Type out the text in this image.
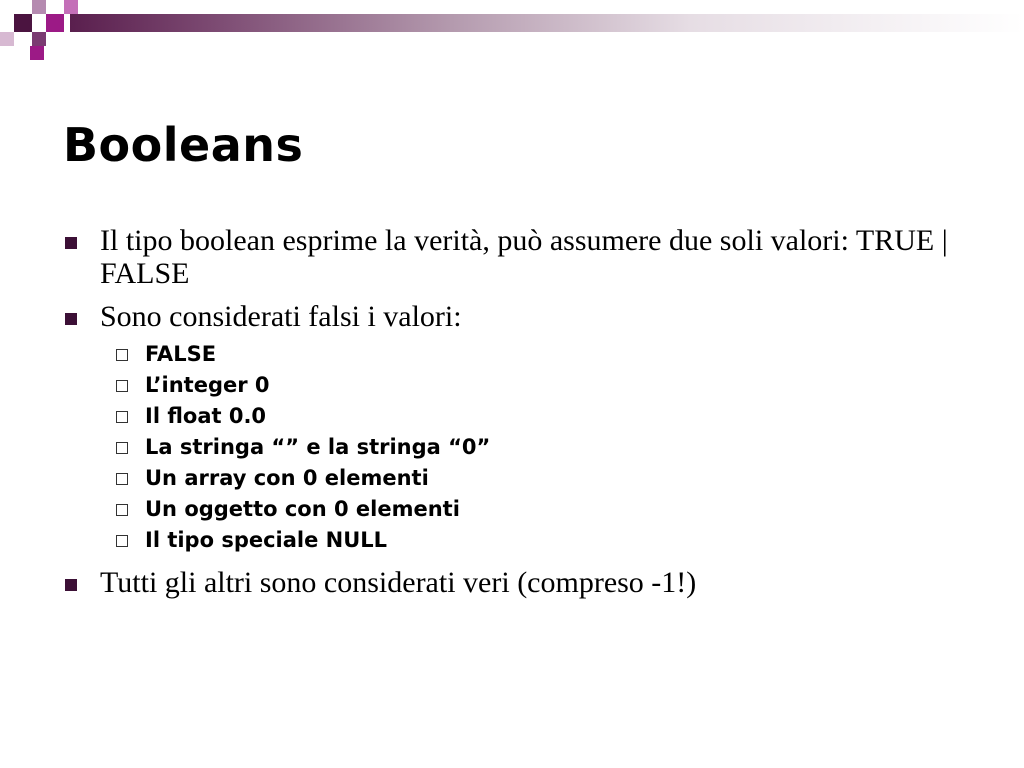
Booleans
Il tipo boolean esprime la verità, può assumere due soli valori: TRUE | FALSE
Sono considerati falsi i valori:
FALSE
L’integer 0
Il float 0.0
La stringa “” e la stringa “0”
Un array con 0 elementi
Un oggetto con 0 elementi
Il tipo speciale NULL
Tutti gli altri sono considerati veri (compreso -1!)
